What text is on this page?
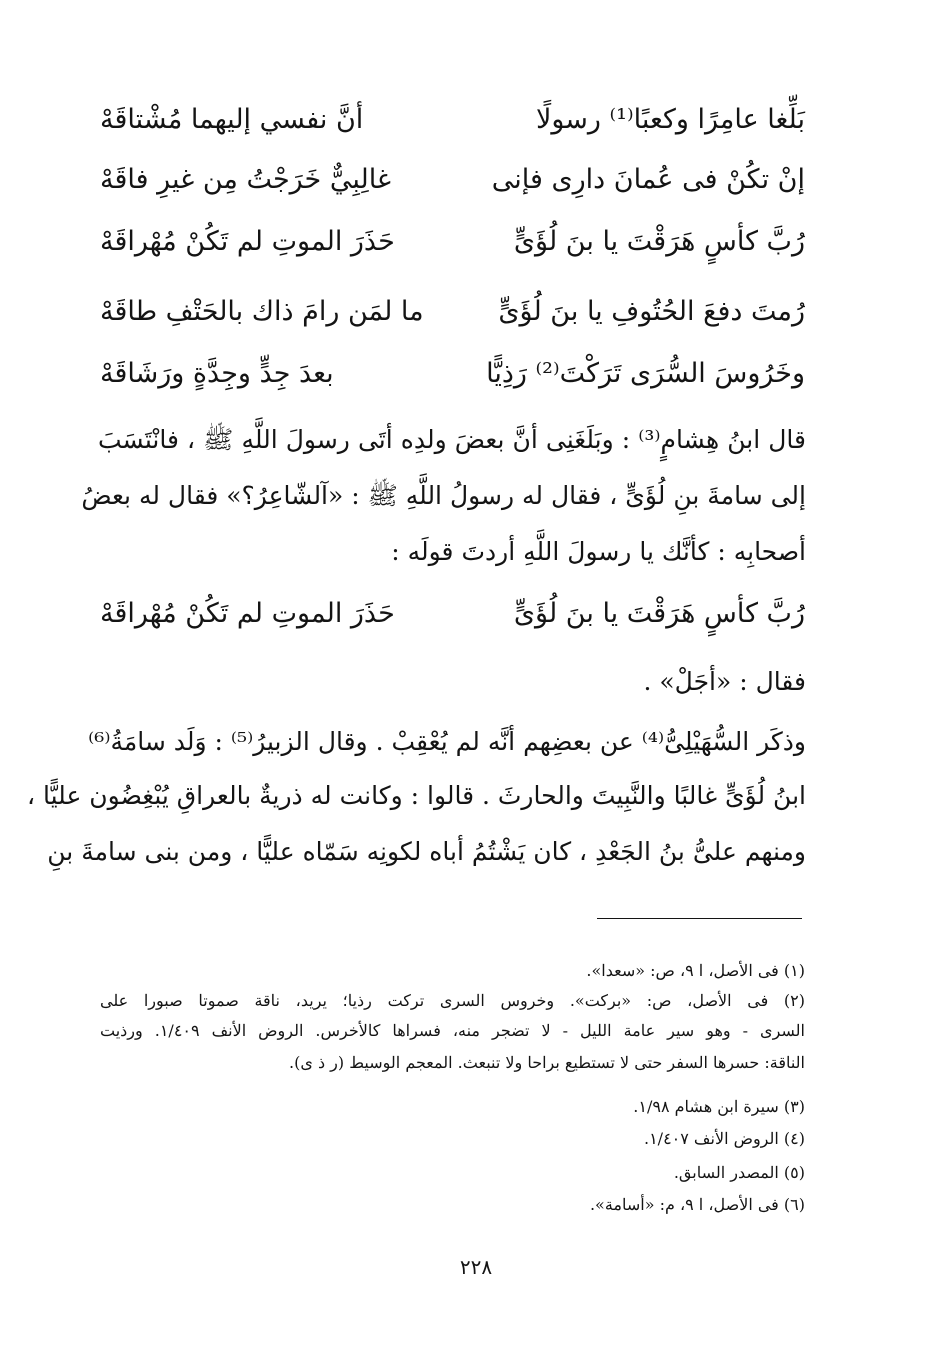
بَلِّغا عامِرًا وكعبًا⁽¹⁾ رسولًا
أنَّ نفسي إليهما مُشْتاقَهْ
إنْ تكُنْ فى عُمانَ دارِى فإنى
غالِبِيٌّ خَرَجْتُ مِن غيرِ فاقَهْ
رُبَّ كأسٍ هَرَقْتَ يا بنَ لُؤَىٍّ
حَذَرَ الموتِ لم تَكُنْ مُهْراقَهْ
رُمتَ دفعَ الحُتُوفِ يا بنَ لُؤَىٍّ
ما لمَن رامَ ذاك بالحَتْفِ طاقَهْ
وخَرُوسَ السُّرَى تَرَكْتَ⁽²⁾ رَذِيًّا
بعدَ جِدٍّ وجِدَّةٍ ورَشَاقَهْ
قال ابنُ هِشامٍ⁽³⁾ : وبَلَغَنِى أنَّ بعضَ ولدِه أتَى رسولَ اللَّهِ ﷺ ، فانْتَسَبَ
إلى سامةَ بنِ لُؤَىٍّ ، فقال له رسولُ اللَّهِ ﷺ : «آلشّاعِرُ؟» فقال له بعضُ
أصحابِه : كأنَّك يا رسولَ اللَّهِ أردتَ قولَه :
رُبَّ كأسٍ هَرَقْتَ يا بنَ لُؤَىٍّ
حَذَرَ الموتِ لم تَكُنْ مُهْراقَهْ
فقال : «أجَلْ» .
وذكَر السُّهَيْلِىُّ⁽⁴⁾ عن بعضِهم أنَّه لم يُعْقِبْ . وقال الزبيرُ⁽⁵⁾ : وَلَد سامَةُ⁽⁶⁾
ابنُ لُؤَىٍّ غالبًا والنَّبِيتَ والحارثَ . قالوا : وكانت له ذريةٌ بالعراقِ يُبْغِضُون عليًّا ،
ومنهم علىُّ بنُ الجَعْدِ ، كان يَشْتُمُ أباه لكونِه سَمّاه عليًّا ، ومن بنى سامةَ بنِ
(١) فى الأصل، ا ٩، ص: «سعدا».
(٢) فى الأصل، ص: «بركت». وخروس السرى تركت رذيا؛ يريد، ناقة صموتا صبورا على
السرى - وهو سير عامة الليل - لا تضجر منه، فسراها كالأخرس. الروض الأنف ١/٤٠٩. ورذيت
الناقة: حسرها السفر حتى لا تستطيع براحا ولا تنبعث. المعجم الوسيط (ر ذ ى).
(٣) سيرة ابن هشام ١/٩٨.
(٤) الروض الأنف ١/٤٠٧.
(٥) المصدر السابق.
(٦) فى الأصل، ا ٩، م: «أسامة».
٢٢٨
